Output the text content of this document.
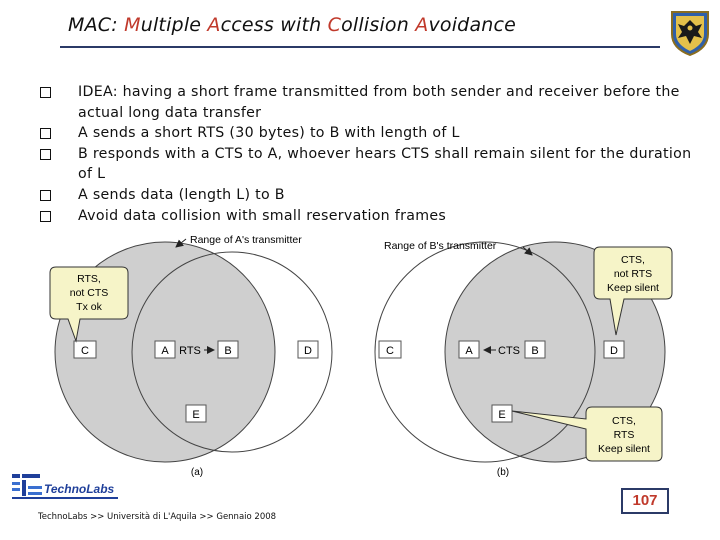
MAC: Multiple Access with Collision Avoidance
IDEA: having a short frame transmitted from both sender and receiver before the actual long data transfer
A sends a short RTS (30 bytes) to B with length of L
B responds with a CTS to A, whoever hears CTS shall remain silent for the duration of L
A sends data (length L) to B
Avoid data collision with small reservation frames
Range of A's transmitter
C	A RTS B	D
E
(a)
RTS,
not CTS
Tx ok
Range of B's transmitter
C	A CTS B	D
E
(b)
CTS,
not RTS
Keep silent
CTS,
RTS
Keep silent
TechnoLabs
107
TechnoLabs >> Università di L'Aquila >> Gennaio 2008
